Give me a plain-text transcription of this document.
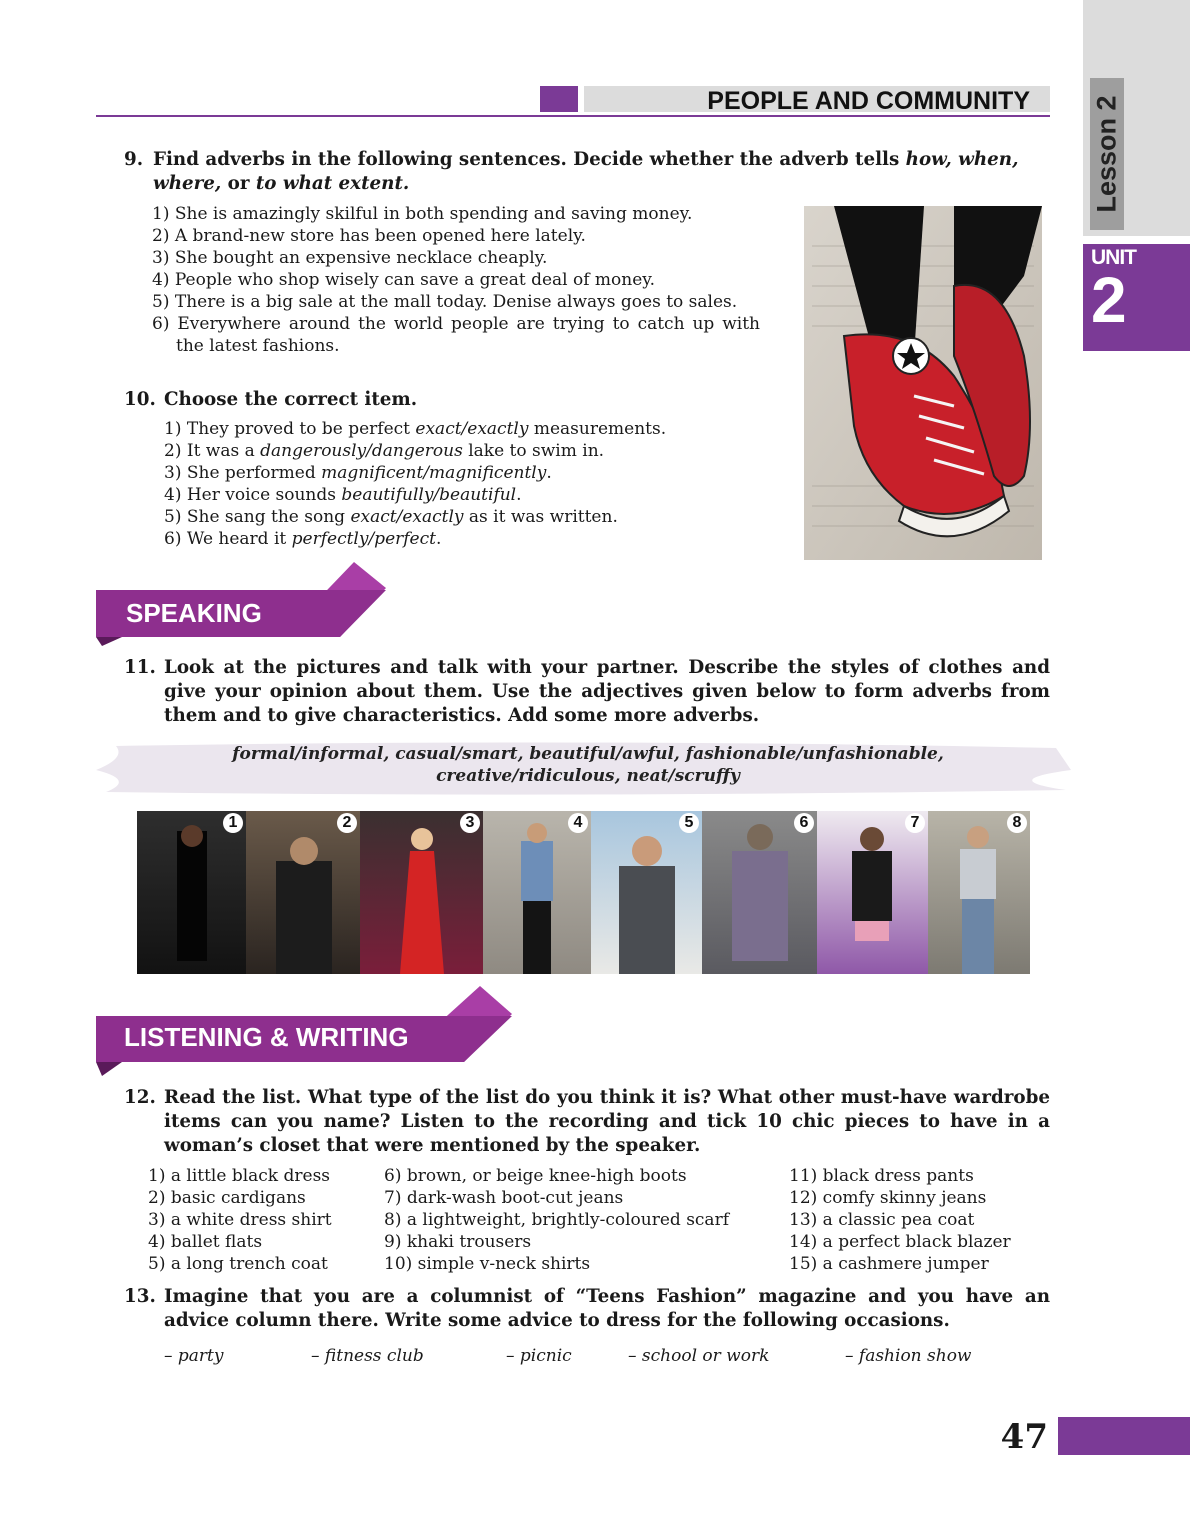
PEOPLE AND COMMUNITY Lesson 2
UNIT
2
9. Find adverbs in the following sentences. Decide whether the adverb tells how, when,
where, or to what extent.
1) She is amazingly skilful in both spending and saving money.
2) A brand-new store has been opened here lately.
3) She bought an expensive necklace cheaply.
4) People who shop wisely can save a great deal of money.
5) There is a big sale at the mall today. Denise always goes to sales.
6) Everywhere around the world people are trying to catch up with the latest fashions.
10. Choose the correct item.
1) They proved to be perfect exact/exactly measurements.
2) It was a dangerously/dangerous lake to swim in.
3) She performed magnificent/magnificently.
4) Her voice sounds beautifully/beautiful.
5) She sang the song exact/exactly as it was written.
6) We heard it perfectly/perfect.
SPEAKING
11. Look at the pictures and talk with your partner. Describe the styles of clothes and give your opinion about them. Use the adjectives given below to form adverbs from them and to give characteristics. Add some more adverbs.
formal/informal, casual/smart, beautiful/awful, fashionable/unfashionable,
creative/ridiculous, neat/scruffy
1	2	3	4	5	6	7	8
LISTENING & WRITING
12. Read the list. What type of the list do you think it is? What other must-have wardrobe items can you name? Listen to the recording and tick 10 chic pieces to have in a woman’s closet that were mentioned by the speaker.
1) a little black dress
2) basic cardigans
3) a white dress shirt
4) ballet flats
5) a long trench coat
6) brown, or beige knee-high boots
7) dark-wash boot-cut jeans
8) a lightweight, brightly-coloured scarf
9) khaki trousers
10) simple v-neck shirts
11) black dress pants
12) comfy skinny jeans
13) a classic pea coat
14) a perfect black blazer
15) a cashmere jumper
13. Imagine that you are a columnist of “Teens Fashion” magazine and you have an advice column there. Write some advice to dress for the following occasions.
– party	– fitness club	– picnic	– school or work	– fashion show
47
